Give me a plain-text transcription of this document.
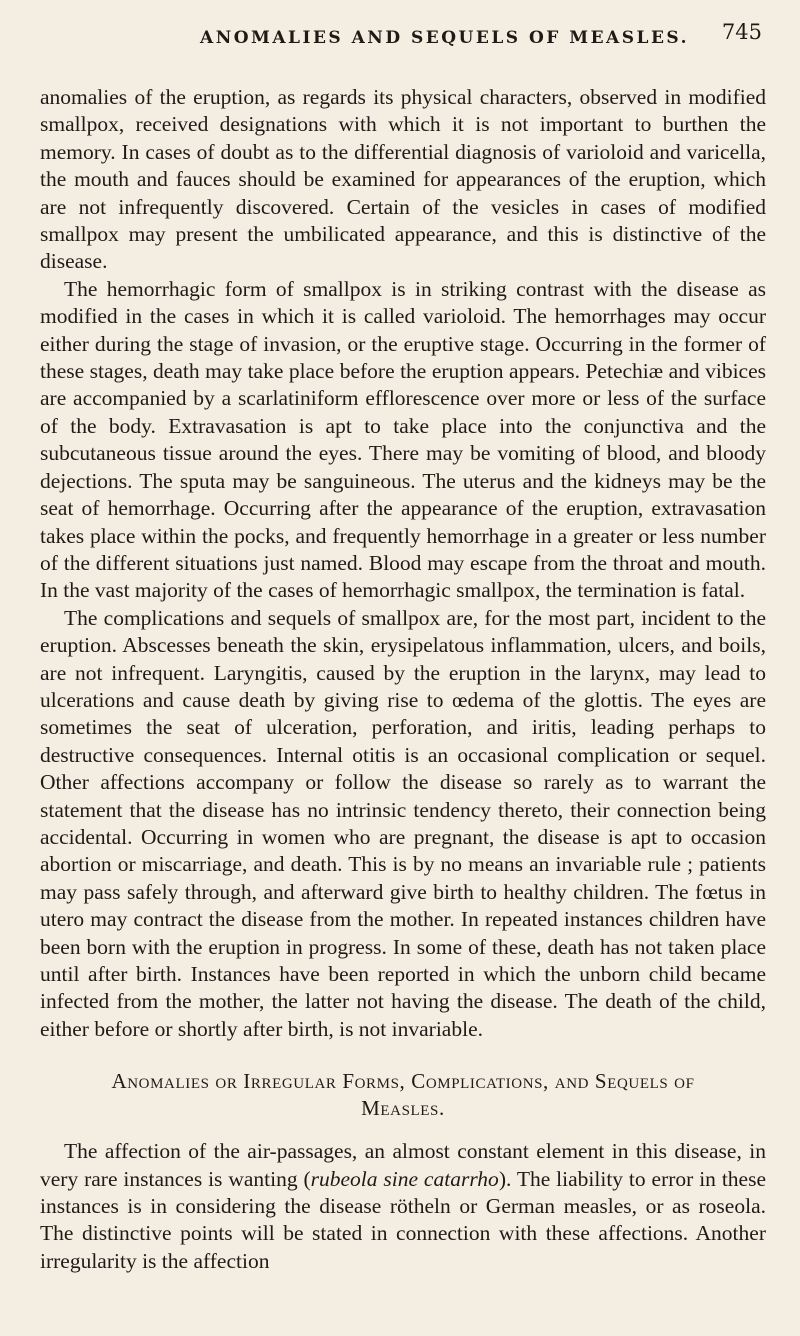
ANOMALIES AND SEQUELS OF MEASLES. 745

anomalies of the eruption, as regards its physical characters, observed in modified smallpox, received designations with which it is not important to burthen the memory. In cases of doubt as to the differential diagnosis of varioloid and varicella, the mouth and fauces should be examined for appearances of the eruption, which are not infrequently discovered. Certain of the vesicles in cases of modified smallpox may present the umbilicated appearance, and this is distinctive of the disease.

The hemorrhagic form of smallpox is in striking contrast with the disease as modified in the cases in which it is called varioloid. The hemorrhages may occur either during the stage of invasion, or the eruptive stage. Occurring in the former of these stages, death may take place before the eruption appears. Petechiæ and vibices are accompanied by a scarlatiniform efflorescence over more or less of the surface of the body. Extravasation is apt to take place into the conjunctiva and the subcutaneous tissue around the eyes. There may be vomiting of blood, and bloody dejections. The sputa may be sanguineous. The uterus and the kidneys may be the seat of hemorrhage. Occurring after the appearance of the eruption, extravasation takes place within the pocks, and frequently hemorrhage in a greater or less number of the different situations just named. Blood may escape from the throat and mouth. In the vast majority of the cases of hemorrhagic smallpox, the termination is fatal.

The complications and sequels of smallpox are, for the most part, incident to the eruption. Abscesses beneath the skin, erysipelatous inflammation, ulcers, and boils, are not infrequent. Laryngitis, caused by the eruption in the larynx, may lead to ulcerations and cause death by giving rise to œdema of the glottis. The eyes are sometimes the seat of ulceration, perforation, and iritis, leading perhaps to destructive consequences. Internal otitis is an occasional complication or sequel. Other affections accompany or follow the disease so rarely as to warrant the statement that the disease has no intrinsic tendency thereto, their connection being accidental. Occurring in women who are pregnant, the disease is apt to occasion abortion or miscarriage, and death. This is by no means an invariable rule ; patients may pass safely through, and afterward give birth to healthy children. The fœtus in utero may contract the disease from the mother. In repeated instances children have been born with the eruption in progress. In some of these, death has not taken place until after birth. Instances have been reported in which the unborn child became infected from the mother, the latter not having the disease. The death of the child, either before or shortly after birth, is not invariable.

Anomalies or Irregular Forms, Complications, and Sequels of
Measles.

The affection of the air-passages, an almost constant element in this disease, in very rare instances is wanting (rubeola sine catarrho). The liability to error in these instances is in considering the disease rötheln or German measles, or as roseola. The distinctive points will be stated in connection with these affections. Another irregularity is the affection
